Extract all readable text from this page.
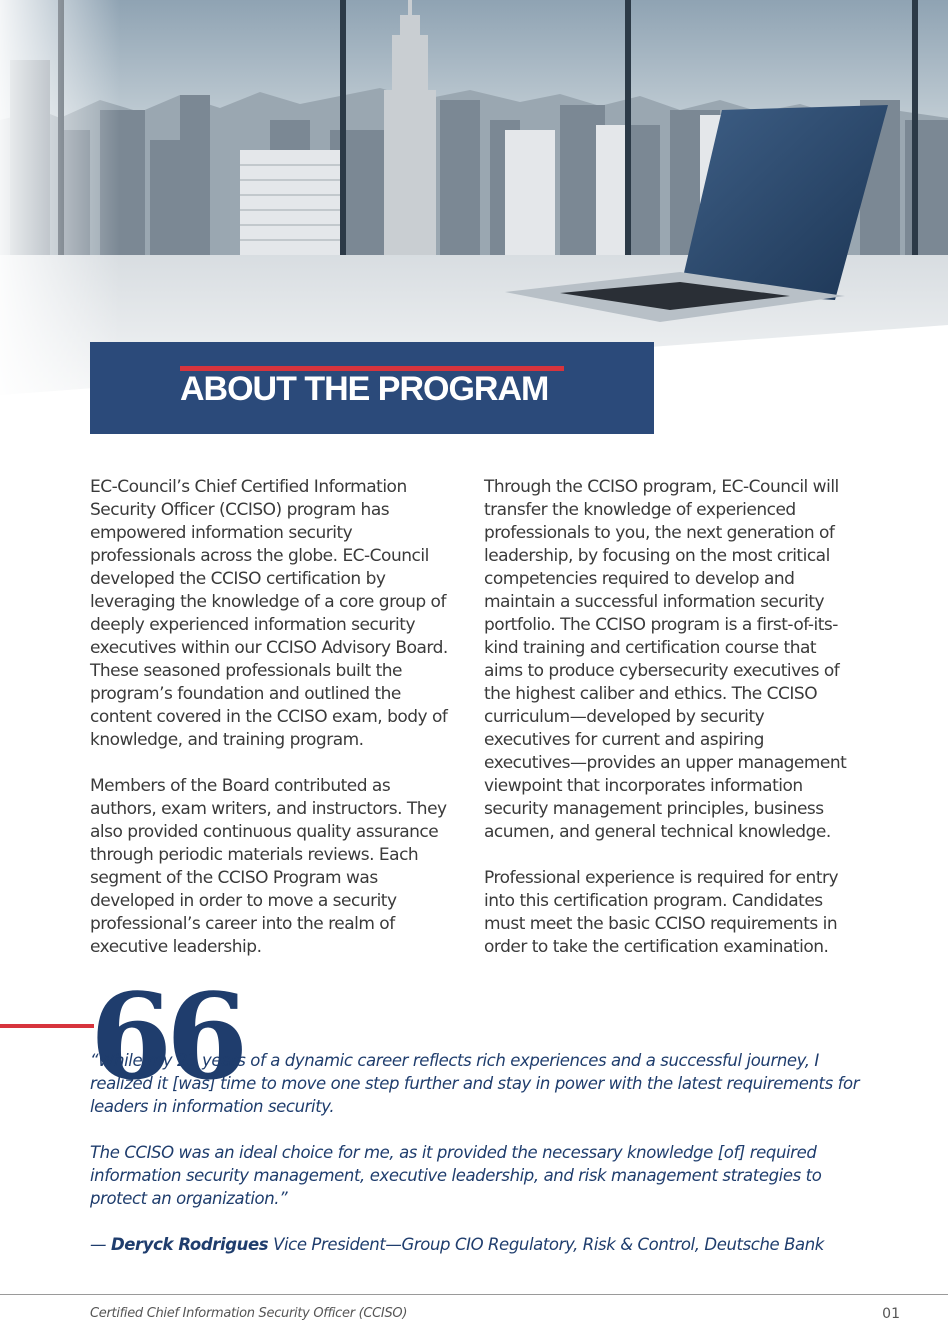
ABOUT THE PROGRAM

EC-Council’s Chief Certified Information Security Officer (CCISO) program has empowered information security professionals across the globe. EC-Council developed the CCISO certification by leveraging the knowledge of a core group of deeply experienced information security executives within our CCISO Advisory Board. These seasoned professionals built the program’s foundation and outlined the content covered in the CCISO exam, body of knowledge, and training program.

Members of the Board contributed as authors, exam writers, and instructors. They also provided continuous quality assurance through periodic materials reviews. Each segment of the CCISO Program was developed in order to move a security professional’s career into the realm of executive leadership.

Through the CCISO program, EC-Council will transfer the knowledge of experienced professionals to you, the next generation of leadership, by focusing on the most critical competencies required to develop and maintain a successful information security portfolio. The CCISO program is a first-of-its-kind training and certification course that aims to produce cybersecurity executives of the highest caliber and ethics. The CCISO curriculum—developed by security executives for current and aspiring executives—provides an upper management viewpoint that incorporates information security management principles, business acumen, and general technical knowledge.

Professional experience is required for entry into this certification program. Candidates must meet the basic CCISO requirements in order to take the certification examination.

66

“While my 23 years of a dynamic career reflects rich experiences and a successful journey, I realized it [was] time to move one step further and stay in power with the latest requirements for leaders in information security.

The CCISO was an ideal choice for me, as it provided the necessary knowledge [of] required information security management, executive leadership, and risk management strategies to protect an organization.”

— Deryck Rodrigues Vice President—Group CIO Regulatory, Risk & Control, Deutsche Bank

Certified Chief Information Security Officer (CCISO)	01
